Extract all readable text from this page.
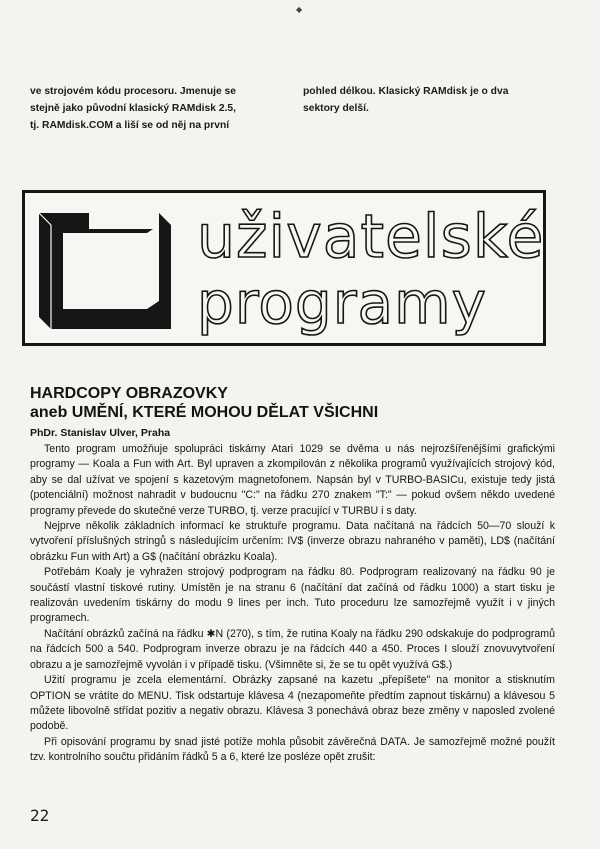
◆
ve strojovém kódu procesoru. Jmenuje se
stejně jako původní klasický RAMdisk 2.5,
tj. RAMdisk.COM a liší se od něj na první
pohled délkou. Klasický RAMdisk je o dva
sektory delší.
uživatelské
programy
HARDCOPY OBRAZOVKY
aneb UMĚNÍ, KTERÉ MOHOU DĚLAT VŠICHNI
PhDr. Stanislav Ulver, Praha

Tento program umožňuje spolupráci tiskárny Atari 1029 se dvěma u nás nejrozšířenějšími grafickými programy — Koala a Fun with Art. Byl upraven a zkompilován z několika programů využívajících strojový kód, aby se dal užívat ve spojení s kazetovým magnetofonem. Napsán byl v TURBO-BASICu, existuje tedy jistá (potenciální) možnost nahradit v budoucnu "C:" na řádku 270 znakem "T:" — pokud ovšem někdo uvedené programy převede do skutečné verze TURBO, tj. verze pracující v TURBU i s daty.

Nejprve několik základních informací ke struktuře programu. Data načítaná na řádcích 50—70 slouží k vytvoření příslušných stringů s následujícím určením: IV$ (inverze obrazu nahraného v paměti), LD$ (načítání obrázku Fun with Art) a G$ (načítání obrázku Koala).

Potřebám Koaly je vyhražen strojový podprogram na řádku 80. Podprogram realizovaný na řádku 90 je součástí vlastní tiskové rutiny. Umístěn je na stranu 6 (načítání dat začíná od řádku 1000) a start tisku je realizován uvedením tiskárny do modu 9 lines per inch. Tuto proceduru lze samozřejmě využít i v jiných programech.

Načítání obrázků začíná na řádku ✱N (270), s tím, že rutina Koaly na řádku 290 odskakuje do podprogramů na řádcích 500 a 540. Podprogram inverze obrazu je na řádcích 440 a 450. Proces I slouží znovuvytvoření obrazu a je samozřejmě vyvolán i v případě tisku. (Všimněte si, že se tu opět využívá G$.)

Užití programu je zcela elementární. Obrázky zapsané na kazetu „přepíšete" na monitor a stisknutím OPTION se vrátíte do MENU. Tisk odstartuje klávesa 4 (nezapomeňte předtím zapnout tiskárnu) a klávesou 5 můžete libovolně střídat pozitiv a negativ obrazu. Klávesa 3 ponechává obraz beze změny v naposled zvolené podobě.

Při opisování programu by snad jisté potíže mohla působit závěrečná DATA. Je samozřejmě možné použít tzv. kontrolního součtu přidáním řádků 5 a 6, které lze posléze opět zrušit:

22
